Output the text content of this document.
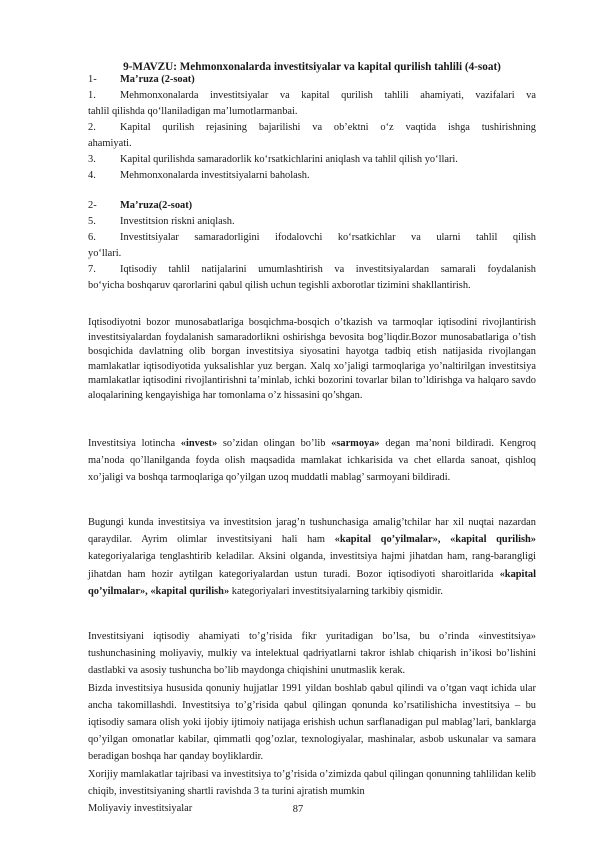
9-MAVZU: Mehmonxonalarda investitsiyalar va kapital qurilish tahlili (4-soat)
1-	Ma’ruza (2-soat)
1.	Mehmonxonalarda investitsiyalar va kapital qurilish tahlili ahamiyati, vazifalari va
tahlil qilishda qo‘llaniladigan ma’lumotlarmanbai.
2.	Kapital qurilish rejasining bajarilishi va ob’ektni o‘z vaqtida ishga tushirishning
ahamiyati.
3.	Kapital qurilishda samaradorlik ko‘rsatkichlarini aniqlash va tahlil qilish yo‘llari.
4.	Mehmonxonalarda investitsiyalarni baholash.
2-	Ma’ruza(2-soat)
5.	Investitsion riskni aniqlash.
6.	Investitsiyalar samaradorligini ifodalovchi ko‘rsatkichlar va ularni tahlil qilish
yo‘llari.
7.	Iqtisodiy tahlil natijalarini umumlashtirish va investitsiyalardan samarali foydalanish
bo‘yicha boshqaruv qarorlarini qabul qilish uchun tegishli axborotlar tizimini shakllantirish.

Iqtisodiyotni bozor munosabatlariga bosqichma-bosqich o’tkazish va tarmoqlar iqtisodini rivojlantirish investitsiyalardan foydalanish samaradorlikni oshirishga bevosita bog’liqdir.Bozor munosabatlariga o’tish bosqichida davlatning olib borgan investitsiya siyosatini hayotga tadbiq etish natijasida rivojlangan mamlakatlar iqtisodiyotida yuksalishlar yuz bergan. Xalq xo’jaligi tarmoqlariga yo’naltirilgan investitsiya mamlakatlar iqtisodini rivojlantirishni ta’minlab, ichki bozorini tovarlar bilan to’ldirishga va halqaro savdo aloqalarining kengayishiga har tomonlama o’z hissasini qo’shgan.

Investitsiya lotincha «invest» so’zidan olingan bo’lib «sarmoya» degan ma’noni bildiradi. Kengroq ma’noda qo’llanilganda foyda olish maqsadida mamlakat ichkarisida va chet ellarda sanoat, qishloq xo’jaligi va boshqa tarmoqlariga qo’yilgan uzoq muddatli mablag’ sarmoyani bildiradi.

Bugungi kunda investitsiya va investitsion jarag’n tushunchasiga amalig’tchilar har xil nuqtai nazardan qaraydilar. Ayrim olimlar investitsiyani hali ham «kapital qo’yilmalar», «kapital qurilish» kategoriyalariga tenglashtirib keladilar. Aksini olganda, investitsiya hajmi jihatdan ham, rang-barangligi jihatdan ham hozir aytilgan kategoriyalardan ustun turadi. Bozor iqtisodiyoti sharoitlarida «kapital qo’yilmalar», «kapital qurilish» kategoriyalari investitsiyalarning tarkibiy qismidir.

Investitsiyani iqtisodiy ahamiyati to’g’risida fikr yuritadigan bo’lsa, bu o’rinda «investitsiya» tushunchasining moliyaviy, mulkiy va intelektual qadriyatlarni takror ishlab chiqarish in’ikosi bo’lishini dastlabki va asosiy tushuncha bo’lib maydonga chiqishini unutmaslik kerak.

Bizda investitsiya hususida qonuniy hujjatlar 1991 yildan boshlab qabul qilindi va o’tgan vaqt ichida ular ancha takomillashdi. Investitsiya to’g’risida qabul qilingan qonunda ko’rsatilishicha investitsiya – bu iqtisodiy samara olish yoki ijobiy ijtimoiy natijaga erishish uchun sarflanadigan pul mablag’lari, banklarga qo’yilgan omonatlar kabilar, qimmatli qog’ozlar, texnologiyalar, mashinalar, asbob uskunalar va samara beradigan boshqa har qanday boyliklardir.

Xorijiy mamlakatlar tajribasi va investitsiya to’g’risida o’zimizda qabul qilingan qonunning tahlilidan kelib chiqib, investitsiyaning shartli ravishda 3 ta turini ajratish mumkin

Moliyaviy investitsiyalar	87
